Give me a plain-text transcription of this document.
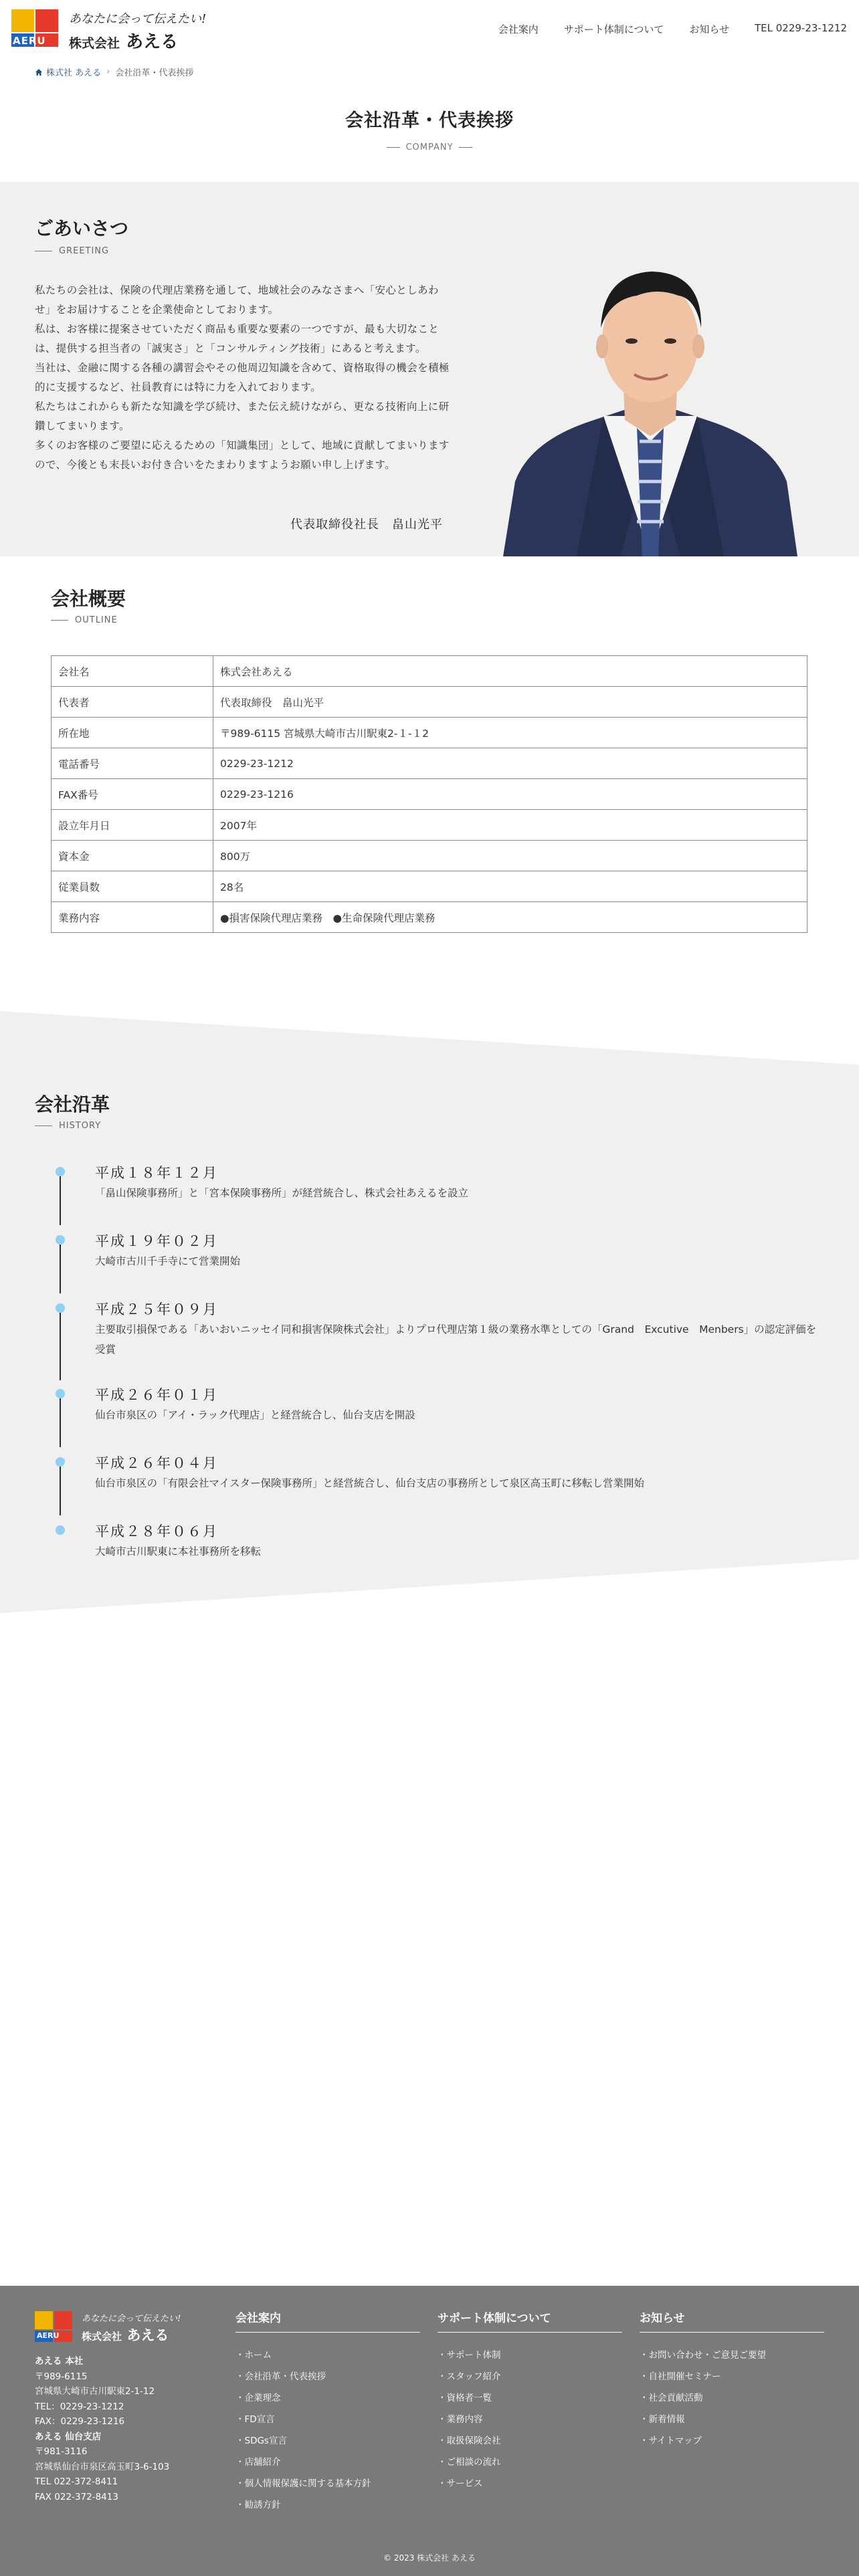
AERU
あなたに会って伝えたい!
株式会社 あえる
会社案内	サポート体制について	お知らせ	TEL 0229-23-1212
株式社 あえる › 会社沿革・代表挨拶
会社沿革・代表挨拶
COMPANY
ごあいさつ
GREETING

私たちの会社は、保険の代理店業務を通して、地域社会のみなさまへ「安心としあわせ」をお届けすることを企業使命としております。

私は、お客様に提案させていただく商品も重要な要素の一つですが、最も大切なことは、提供する担当者の「誠実さ」と「コンサルティング技術」にあると考えます。

当社は、金融に関する各種の講習会やその他周辺知識を含めて、資格取得の機会を積極的に支援するなど、社員教育には特に力を入れております。

私たちはこれからも新たな知識を学び続け、また伝え続けながら、更なる技術向上に研鑽してまいります。

多くのお客様のご要望に応えるための「知識集団」として、地域に貢献してまいりますので、今後とも末長いお付き合いをたまわりますようお願い申し上げます。

代表取締役社長　畠山光平
会社概要
OUTLINE
会社名	株式会社あえる
代表者	代表取締役　畠山光平
所在地	〒989-6115 宮城県大崎市古川駅東2-１-１2
電話番号	0229-23-1212
FAX番号	0229-23-1216
設立年月日	2007年
資本金	800万
従業員数	28名
業務内容	●損害保険代理店業務　●生命保険代理店業務
会社沿革
HISTORY
平成１８年１２月
「畠山保険事務所」と「宮本保険事務所」が経営統合し、株式会社あえるを設立
平成１９年０２月
大崎市古川千手寺にて営業開始
平成２５年０９月
主要取引損保である「あいおいニッセイ同和損害保険株式会社」よりプロ代理店第１級の業務水準としての「Grand　Excutive　Menbers」の認定評価を受賞
平成２６年０１月
仙台市泉区の「アイ・ラック代理店」と経営統合し、仙台支店を開設
平成２６年０４月
仙台市泉区の「有限会社マイスター保険事務所」と経営統合し、仙台支店の事務所として泉区高玉町に移転し営業開始
平成２８年０６月
大崎市古川駅東に本社事務所を移転
AERU
あなたに会って伝えたい!
株式会社 あえる
あえる 本社
〒989-6115
宮城県大崎市古川駅東2-1-12
TEL：0229-23-1212
FAX：0229-23-1216
あえる 仙台支店
〒981-3116
宮城県仙台市泉区高玉町3-6-103
TEL 022-372-8411
FAX 022-372-8413
会社案内
・ ホーム
・ 会社沿革・代表挨拶
・ 企業理念
・ FD宣言
・ SDGs宣言
・ 店舗紹介
・ 個人情報保護に関する基本方針
・ 勧誘方針
サポート体制について
・ サポート体制
・ スタッフ紹介
・ 資格者一覧
・ 業務内容
・ 取扱保険会社
・ ご相談の流れ
・ サービス
お知らせ
・ お問い合わせ・ご意見ご要望
・ 自社開催セミナー
・ 社会貢献活動
・ 新着情報
・ サイトマップ
© 2023 株式会社 あえる
